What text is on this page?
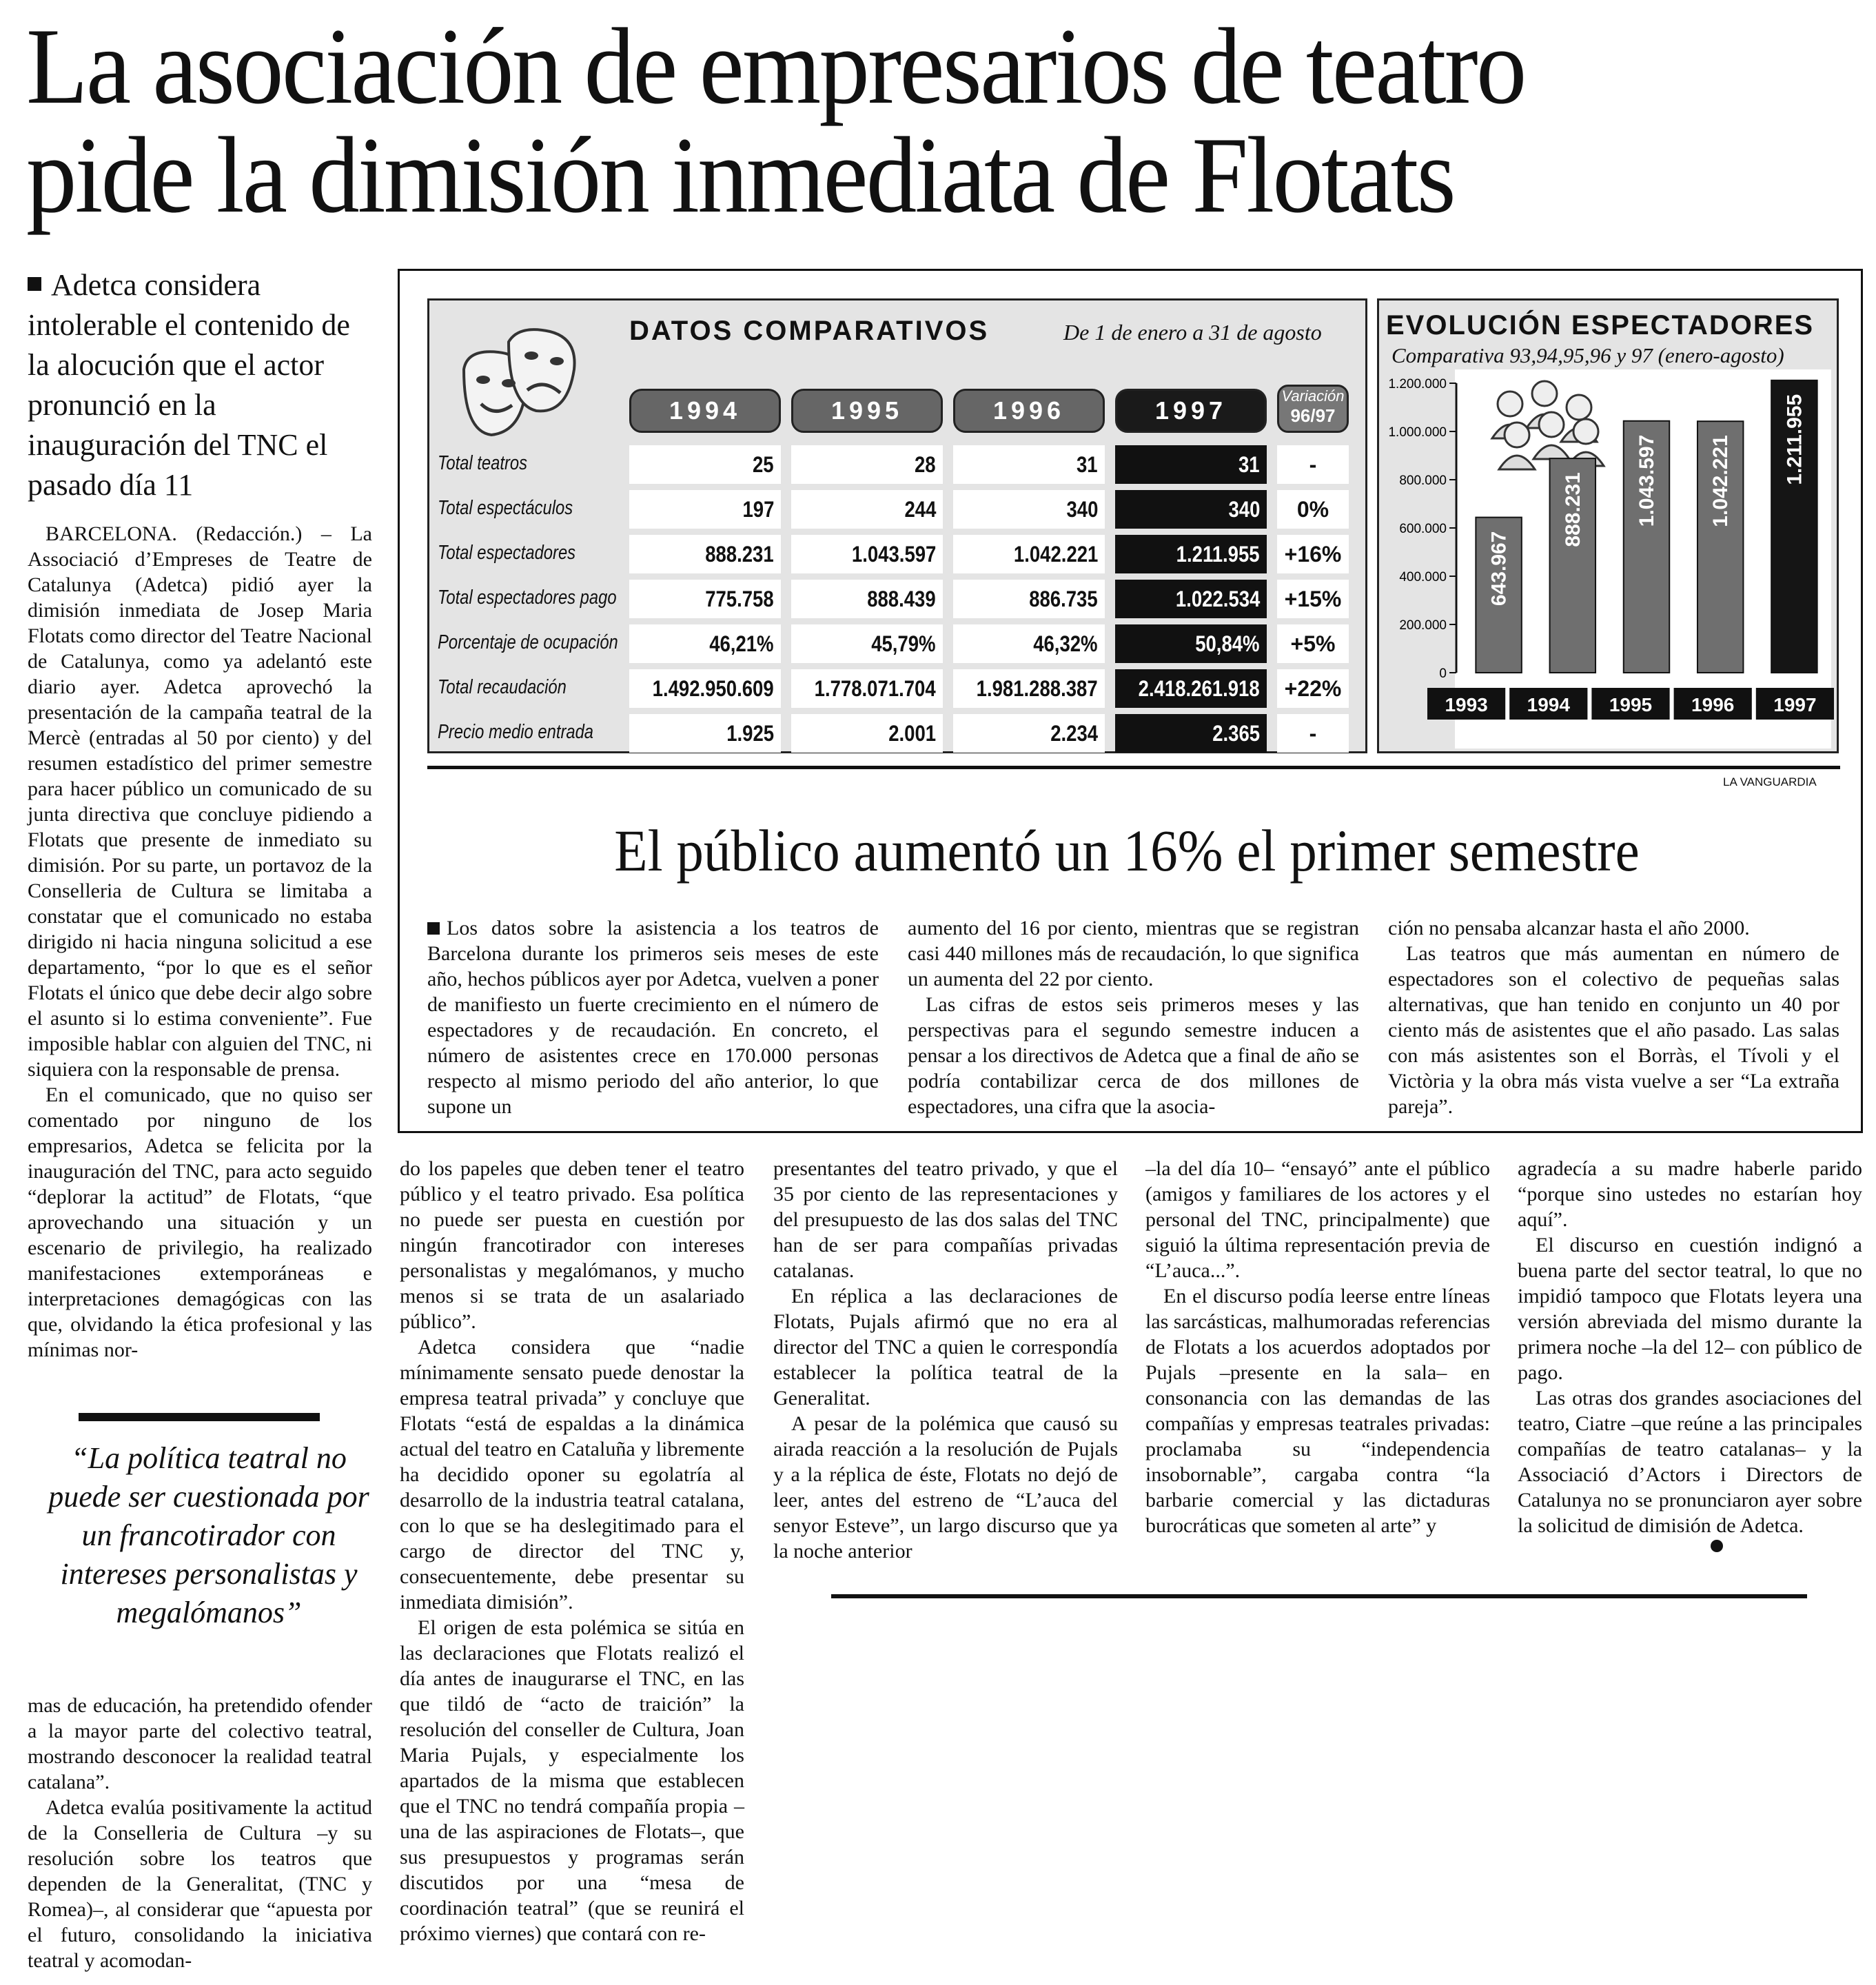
La asociación de empresarios de teatro
pide la dimisión inmediata de Flotats
Adetca considera intolerable el contenido de la alocución que el actor pronunció en la inauguración del TNC el pasado día 11

BARCELONA. (Redacción.) – La Associació d’Empreses de Teatre de Catalunya (Adetca) pidió ayer la dimisión inmediata de Josep Maria Flotats como director del Teatre Nacional de Catalunya, como ya adelantó este diario ayer. Adetca aprovechó la presentación de la campaña teatral de la Mercè (entradas al 50 por ciento) y del resumen estadístico del primer semestre para hacer público un comunicado de su junta directiva que concluye pidiendo a Flotats que presente de inmediato su dimisión. Por su parte, un portavoz de la Conselleria de Cultura se limitaba a constatar que el comunicado no estaba dirigido ni hacia ninguna solicitud a ese departamento, “por lo que es el señor Flotats el único que debe decir algo sobre el asunto si lo estima conveniente”. Fue imposible hablar con alguien del TNC, ni siquiera con la responsable de prensa.

En el comunicado, que no quiso ser comentado por ninguno de los empresarios, Adetca se felicita por la inauguración del TNC, para acto seguido “deplorar la actitud” de Flotats, “que aprovechando una situación y un escenario de privilegio, ha realizado manifestaciones extemporáneas e interpretaciones demagógicas con las que, olvidando la ética profesional y las mínimas nor-

“La política teatral no puede ser cuestionada por un francotirador con intereses personalistas y megalómanos”

mas de educación, ha pretendido ofender a la mayor parte del colectivo teatral, mostrando desconocer la realidad teatral catalana”.

Adetca evalúa positivamente la actitud de la Conselleria de Cultura –y su resolución sobre los teatros que dependen de la Generalitat, (TNC y Romea)–, al considerar que “apuesta por el futuro, consolidando la iniciativa teatral y acomodan-

do los papeles que deben tener el teatro público y el teatro privado. Esa política no puede ser puesta en cuestión por ningún francotirador con intereses personalistas y megalómanos, y mucho menos si se trata de un asalariado público”.

Adetca considera que “nadie mínimamente sensato puede denostar la empresa teatral privada” y concluye que Flotats “está de espaldas a la dinámica actual del teatro en Cataluña y libremente ha decidido oponer su egolatría al desarrollo de la industria teatral catalana, con lo que se ha deslegitimado para el cargo de director del TNC y, consecuentemente, debe presentar su inmediata dimisión”.

El origen de esta polémica se sitúa en las declaraciones que Flotats realizó el día antes de inaugurarse el TNC, en las que tildó de “acto de traición” la resolución del conseller de Cultura, Joan Maria Pujals, y especialmente los apartados de la misma que establecen que el TNC no tendrá compañía propia –una de las aspiraciones de Flotats–, que sus presupuestos y programas serán discutidos por una “mesa de coordinación teatral” (que se reunirá el próximo viernes) que contará con re-

presentantes del teatro privado, y que el 35 por ciento de las representaciones y del presupuesto de las dos salas del TNC han de ser para compañías privadas catalanas.

En réplica a las declaraciones de Flotats, Pujals afirmó que no era al director del TNC a quien le correspondía establecer la política teatral de la Generalitat.

A pesar de la polémica que causó su airada reacción a la resolución de Pujals y a la réplica de éste, Flotats no dejó de leer, antes del estreno de “L’auca del senyor Esteve”, un largo discurso que ya la noche anterior

–la del día 10– “ensayó” ante el público (amigos y familiares de los actores y el personal del TNC, principalmente) que siguió la última representación previa de “L’auca...”.

En el discurso podía leerse entre líneas las sarcásticas, malhumoradas referencias de Flotats a los acuerdos adoptados por Pujals –presente en la sala– en consonancia con las demandas de las compañías y empresas teatrales privadas: proclamaba su “independencia insobornable”, cargaba contra “la barbarie comercial y las dictaduras burocráticas que someten al arte” y

agradecía a su madre haberle parido “porque sino ustedes no estarían hoy aquí”.

El discurso en cuestión indignó a buena parte del sector teatral, lo que no impidió tampoco que Flotats leyera una versión abreviada del mismo durante la primera noche –la del 12– con público de pago.

Las otras dos grandes asociaciones del teatro, Ciatre –que reúne a las principales compañías de teatro catalanas– y la Associació d’Actors i Directors de Catalunya no se pronunciaron ayer sobre la solicitud de dimisión de Adetca.

DATOS COMPARATIVOS	De 1 de enero a 31 de agosto
1994	1995	1996	1997
Variación
96/97
Total teatros	25	28	31	31	-
Total espectáculos	197	244	340	340	0%
Total espectadores	888.231	1.043.597	1.042.221	1.211.955	+16%
Total espectadores pago	775.758	888.439	886.735	1.022.534	+15%
Porcentaje de ocupación	46,21%	45,79%	46,32%	50,84%	+5%
Total recaudación	1.492.950.609	1.778.071.704	1.981.288.387	2.418.261.918	+22%
Precio medio entrada	1.925	2.001	2.234	2.365	-
EVOLUCIÓN ESPECTADORES
Comparativa 93,94,95,96 y 97 (enero-agosto)
0
200.000
400.000
600.000
800.000
1.000.000
1.200.000
643.967
1993
888.231
1994
1.043.597
1995
1.042.221
1996
1.211.955
1997
LA VANGUARDIA
El público aumentó un 16% el primer semestre

Los datos sobre la asistencia a los teatros de Barcelona durante los primeros seis meses de este año, hechos públicos ayer por Adetca, vuelven a poner de manifiesto un fuerte crecimiento en el número de espectadores y de recaudación. En concreto, el número de asistentes crece en 170.000 personas respecto al mismo periodo del año anterior, lo que supone un

aumento del 16 por ciento, mientras que se registran casi 440 millones más de recaudación, lo que significa un aumenta del 22 por ciento.

Las cifras de estos seis primeros meses y las perspectivas para el segundo semestre inducen a pensar a los directivos de Adetca que a final de año se podría contabilizar cerca de dos millones de espectadores, una cifra que la asocia-

ción no pensaba alcanzar hasta el año 2000.

Las teatros que más aumentan en número de espectadores son el colectivo de pequeñas salas alternativas, que han tenido en conjunto un 40 por ciento más de asistentes que el año pasado. Las salas con más asistentes son el Borràs, el Tívoli y el Victòria y la obra más vista vuelve a ser “La extraña pareja”.
